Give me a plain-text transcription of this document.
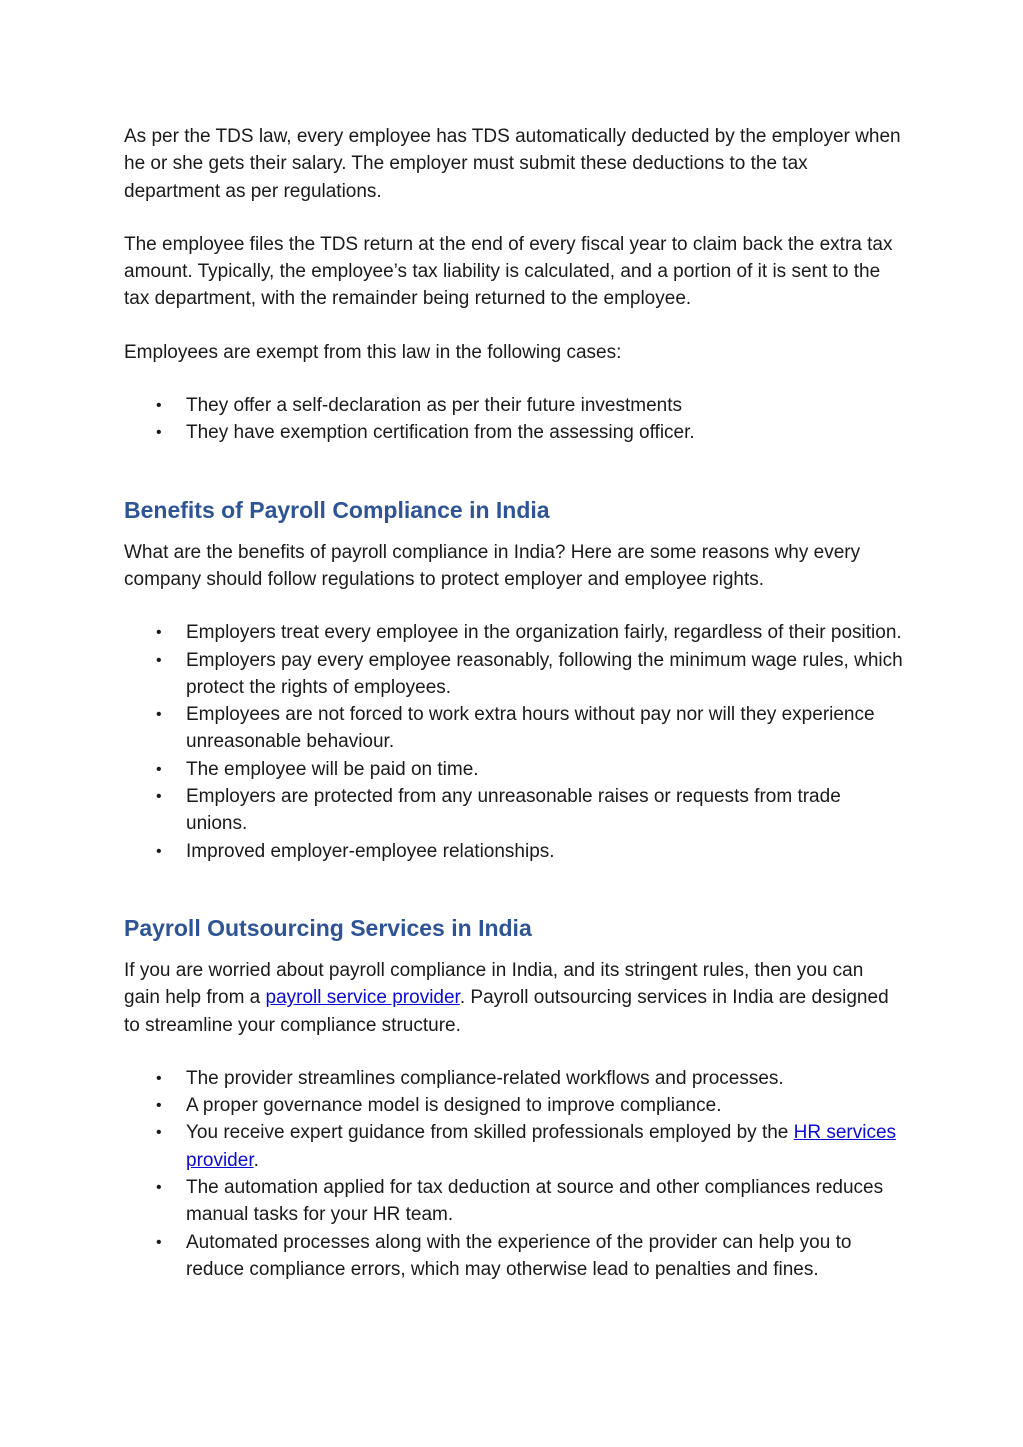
As per the TDS law, every employee has TDS automatically deducted by the employer when he or she gets their salary. The employer must submit these deductions to the tax department as per regulations.

The employee files the TDS return at the end of every fiscal year to claim back the extra tax amount. Typically, the employee’s tax liability is calculated, and a portion of it is sent to the tax department, with the remainder being returned to the employee.

Employees are exempt from this law in the following cases:

• They offer a self-declaration as per their future investments
• They have exemption certification from the assessing officer.
Benefits of Payroll Compliance in India

What are the benefits of payroll compliance in India? Here are some reasons why every company should follow regulations to protect employer and employee rights.

• Employers treat every employee in the organization fairly, regardless of their position.
• Employers pay every employee reasonably, following the minimum wage rules, which protect the rights of employees.
• Employees are not forced to work extra hours without pay nor will they experience unreasonable behaviour.
• The employee will be paid on time.
• Employers are protected from any unreasonable raises or requests from trade unions.
• Improved employer-employee relationships.
Payroll Outsourcing Services in India

If you are worried about payroll compliance in India, and its stringent rules, then you can gain help from a payroll service provider. Payroll outsourcing services in India are designed to streamline your compliance structure.

• The provider streamlines compliance-related workflows and processes.
• A proper governance model is designed to improve compliance.
• You receive expert guidance from skilled professionals employed by the HR services provider.
• The automation applied for tax deduction at source and other compliances reduces manual tasks for your HR team.
• Automated processes along with the experience of the provider can help you to reduce compliance errors, which may otherwise lead to penalties and fines.
